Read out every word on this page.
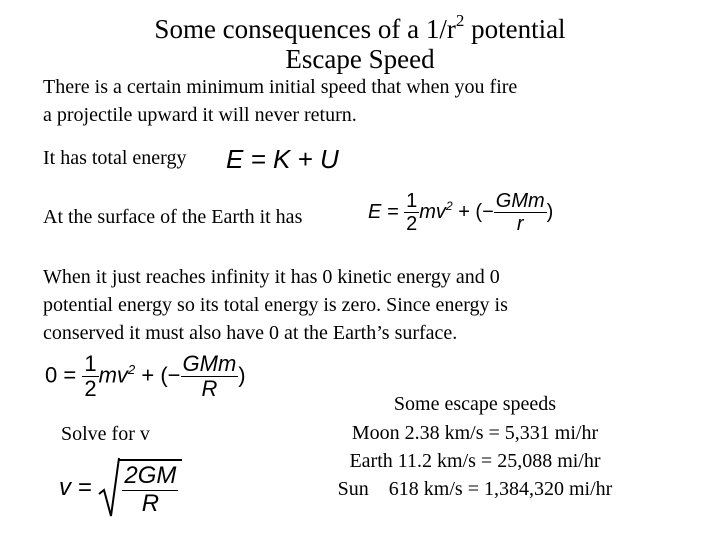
Some consequences of a $1/r^2$ potential
Escape Speed
There is a certain minimum initial speed that when you fire
a projectile upward it will never return.
It has total energy E = K + U
At the surface of the Earth it has	$E = \frac{1}{2} mv^2$ + (− $\frac{\text{GMm}}{r}$ )
When it just reaches infinity it has 0 kinetic energy and 0
potential energy so its total energy is zero. Since energy is
conserved it must also have 0 at the Earth’s surface.
$0 = \frac{1}{2} mv^2$ + (− $\frac{\text{GMm}}{R}$ )
Solve for v
$v = \frac{2GM}{R}$
Some escape speeds
Moon 2.38 km/s = 5,331 mi/hr
Earth 11.2 km/s = 25,088 mi/hr
Sun    618 km/s = 1,384,320 mi/hr
